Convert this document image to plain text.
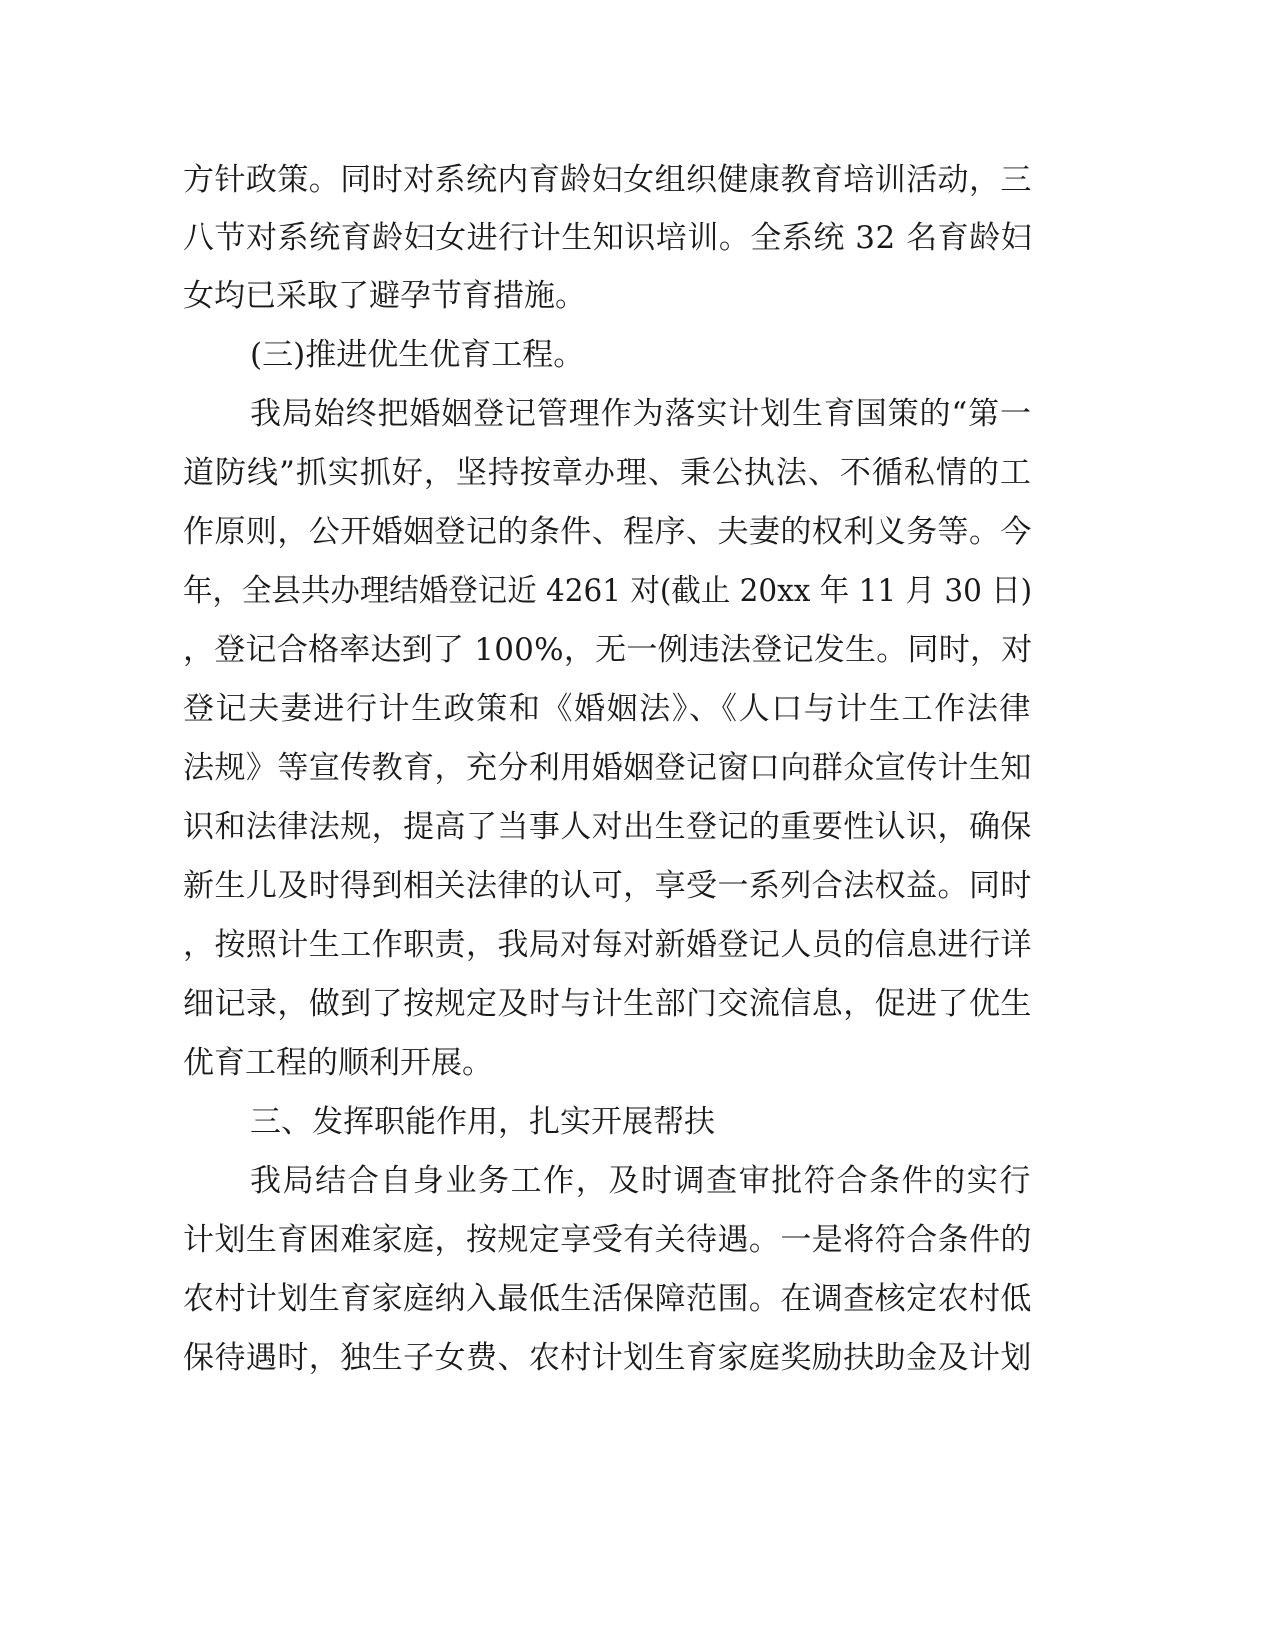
方针政策。同时对系统内育龄妇女组织健康教育培训活动，三
八节对系统育龄妇女进行计生知识培训。全系统 32 名育龄妇
女均已采取了避孕节育措施。
(三)推进优生优育工程。
我局始终把婚姻登记管理作为落实计划生育国策的“第一
道防线”抓实抓好，坚持按章办理、秉公执法、不循私情的工
作原则，公开婚姻登记的条件、程序、夫妻的权利义务等。今
年，全县共办理结婚登记近 4261 对(截止 20xx 年 11 月 30 日)
，登记合格率达到了 100%，无一例违法登记发生。同时，对
登记夫妻进行计生政策和《婚姻法》、《人口与计生工作法律
法规》等宣传教育，充分利用婚姻登记窗口向群众宣传计生知
识和法律法规，提高了当事人对出生登记的重要性认识，确保
新生儿及时得到相关法律的认可，享受一系列合法权益。同时
，按照计生工作职责，我局对每对新婚登记人员的信息进行详
细记录，做到了按规定及时与计生部门交流信息，促进了优生
优育工程的顺利开展。
三、发挥职能作用，扎实开展帮扶
我局结合自身业务工作，及时调查审批符合条件的实行
计划生育困难家庭，按规定享受有关待遇。一是将符合条件的
农村计划生育家庭纳入最低生活保障范围。在调查核定农村低
保待遇时，独生子女费、农村计划生育家庭奖励扶助金及计划
